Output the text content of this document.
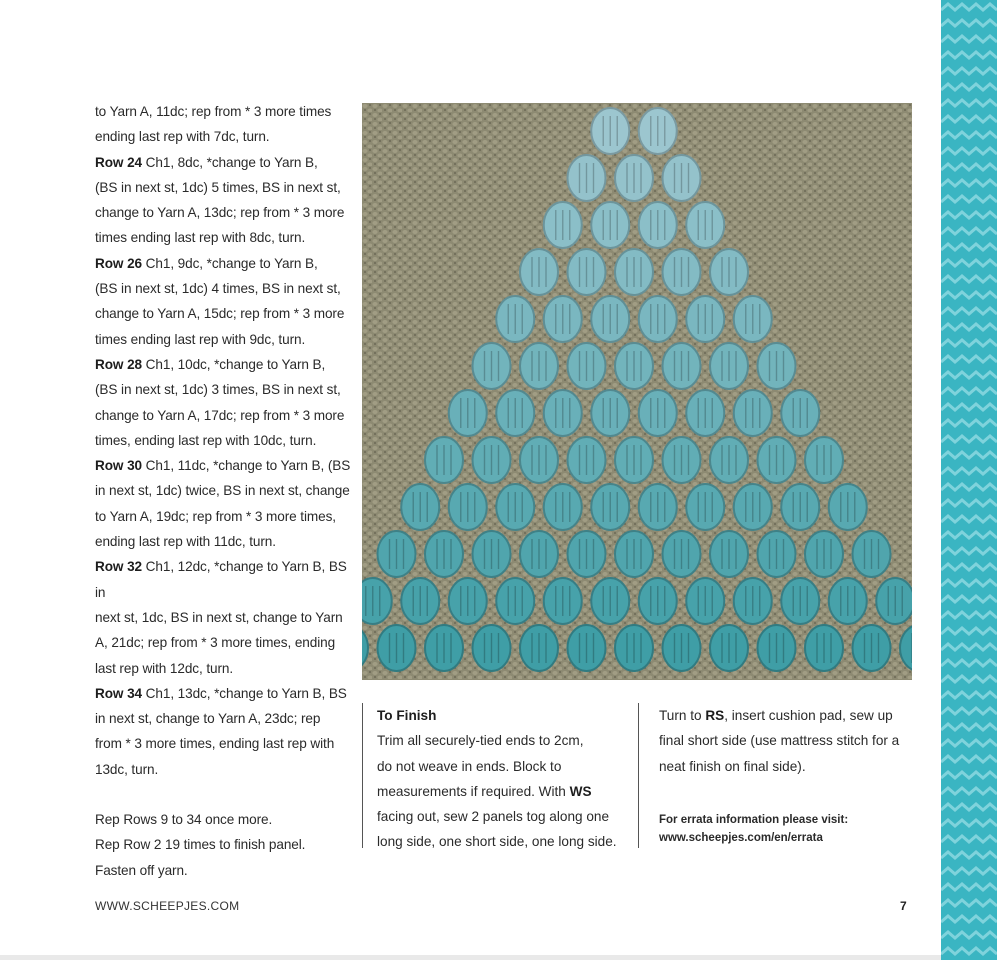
to Yarn A, 11dc; rep from * 3 more times

ending last rep with 7dc, turn.

Row 24 Ch1, 8dc, *change to Yarn B,

(BS in next st, 1dc) 5 times, BS in next st,

change to Yarn A, 13dc; rep from * 3 more

times ending last rep with 8dc, turn.

Row 26 Ch1, 9dc, *change to Yarn B,

(BS in next st, 1dc) 4 times, BS in next st,

change to Yarn A, 15dc; rep from * 3 more

times ending last rep with 9dc, turn.

Row 28 Ch1, 10dc, *change to Yarn B,

(BS in next st, 1dc) 3 times, BS in next st,

change to Yarn A, 17dc; rep from * 3 more

times, ending last rep with 10dc, turn.

Row 30 Ch1, 11dc, *change to Yarn B, (BS

in next st, 1dc) twice, BS in next st, change

to Yarn A, 19dc; rep from * 3 more times,

ending last rep with 11dc, turn.

Row 32 Ch1, 12dc, *change to Yarn B, BS in

next st, 1dc, BS in next st, change to Yarn

A, 21dc; rep from * 3 more times, ending

last rep with 12dc, turn.

Row 34 Ch1, 13dc, *change to Yarn B, BS

in next st, change to Yarn A, 23dc; rep

from * 3 more times, ending last rep with

13dc, turn.

Rep Rows 9 to 34 once more.

Rep Row 2 19 times to finish panel.

Fasten off yarn.

To Finish

Trim all securely-tied ends to 2cm,

do not weave in ends. Block to

measurements if required. With WS

facing out, sew 2 panels tog along one

long side, one short side, one long side.

Turn to RS, insert cushion pad, sew up

final short side (use mattress stitch for a

neat finish on final side).

For errata information please visit:
www.scheepjes.com/en/errata

WWW.SCHEEPJES.COM	7
